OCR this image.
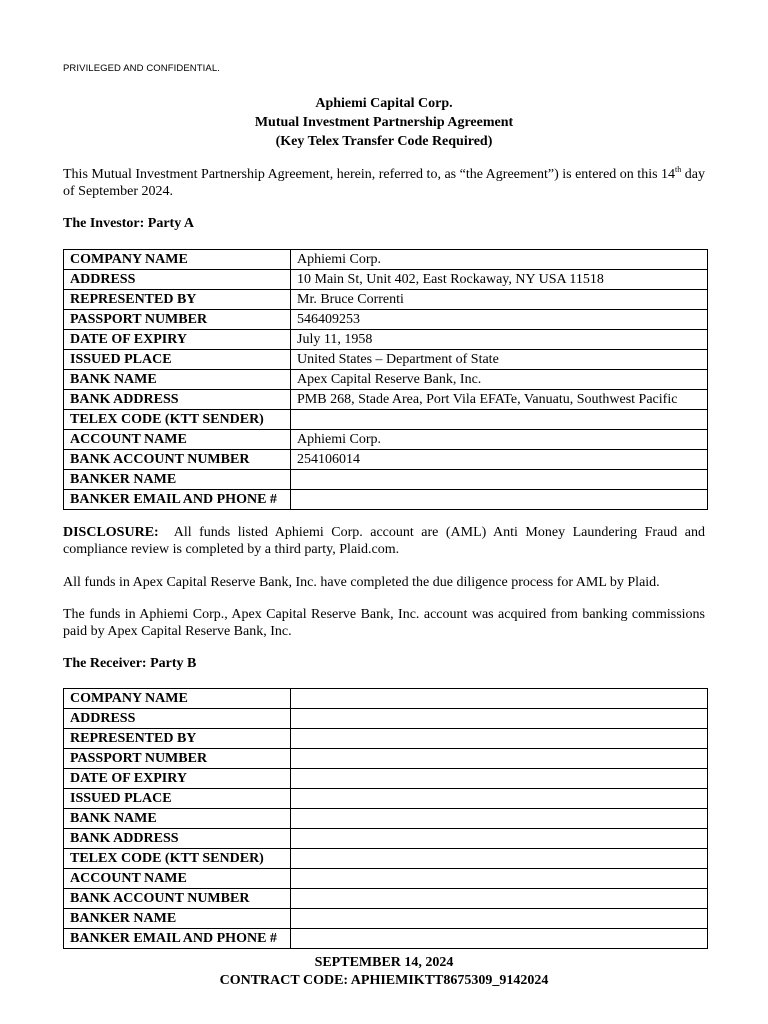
PRIVILEGED AND CONFIDENTIAL.
Aphiemi Capital Corp.
Mutual Investment Partnership Agreement
(Key Telex Transfer Code Required)
This Mutual Investment Partnership Agreement, herein, referred to, as “the Agreement”) is entered on this 14th day of September 2024.
The Investor: Party A
COMPANY NAME	Aphiemi Corp.
ADDRESS	10 Main St, Unit 402, East Rockaway, NY USA 11518
REPRESENTED BY	Mr. Bruce Correnti
PASSPORT NUMBER	546409253
DATE OF EXPIRY	July 11, 1958
ISSUED PLACE	United States – Department of State
BANK NAME	Apex Capital Reserve Bank, Inc.
BANK ADDRESS	PMB 268, Stade Area, Port Vila EFATe, Vanuatu, Southwest Pacific
TELEX CODE (KTT SENDER)	
ACCOUNT NAME	Aphiemi Corp.
BANK ACCOUNT NUMBER	254106014
BANKER NAME	
BANKER EMAIL AND PHONE #	
DISCLOSURE: All funds listed Aphiemi Corp. account are (AML) Anti Money Laundering Fraud and compliance review is completed by a third party, Plaid.com.
All funds in Apex Capital Reserve Bank, Inc. have completed the due diligence process for AML by Plaid.
The funds in Aphiemi Corp., Apex Capital Reserve Bank, Inc. account was acquired from banking commissions paid by Apex Capital Reserve Bank, Inc.
The Receiver: Party B
COMPANY NAME	
ADDRESS	
REPRESENTED BY	
PASSPORT NUMBER	
DATE OF EXPIRY	
ISSUED PLACE	
BANK NAME	
BANK ADDRESS	
TELEX CODE (KTT SENDER)	
ACCOUNT NAME	
BANK ACCOUNT NUMBER	
BANKER NAME	
BANKER EMAIL AND PHONE #	
SEPTEMBER 14, 2024
CONTRACT CODE: APHIEMIKTT8675309_9142024
